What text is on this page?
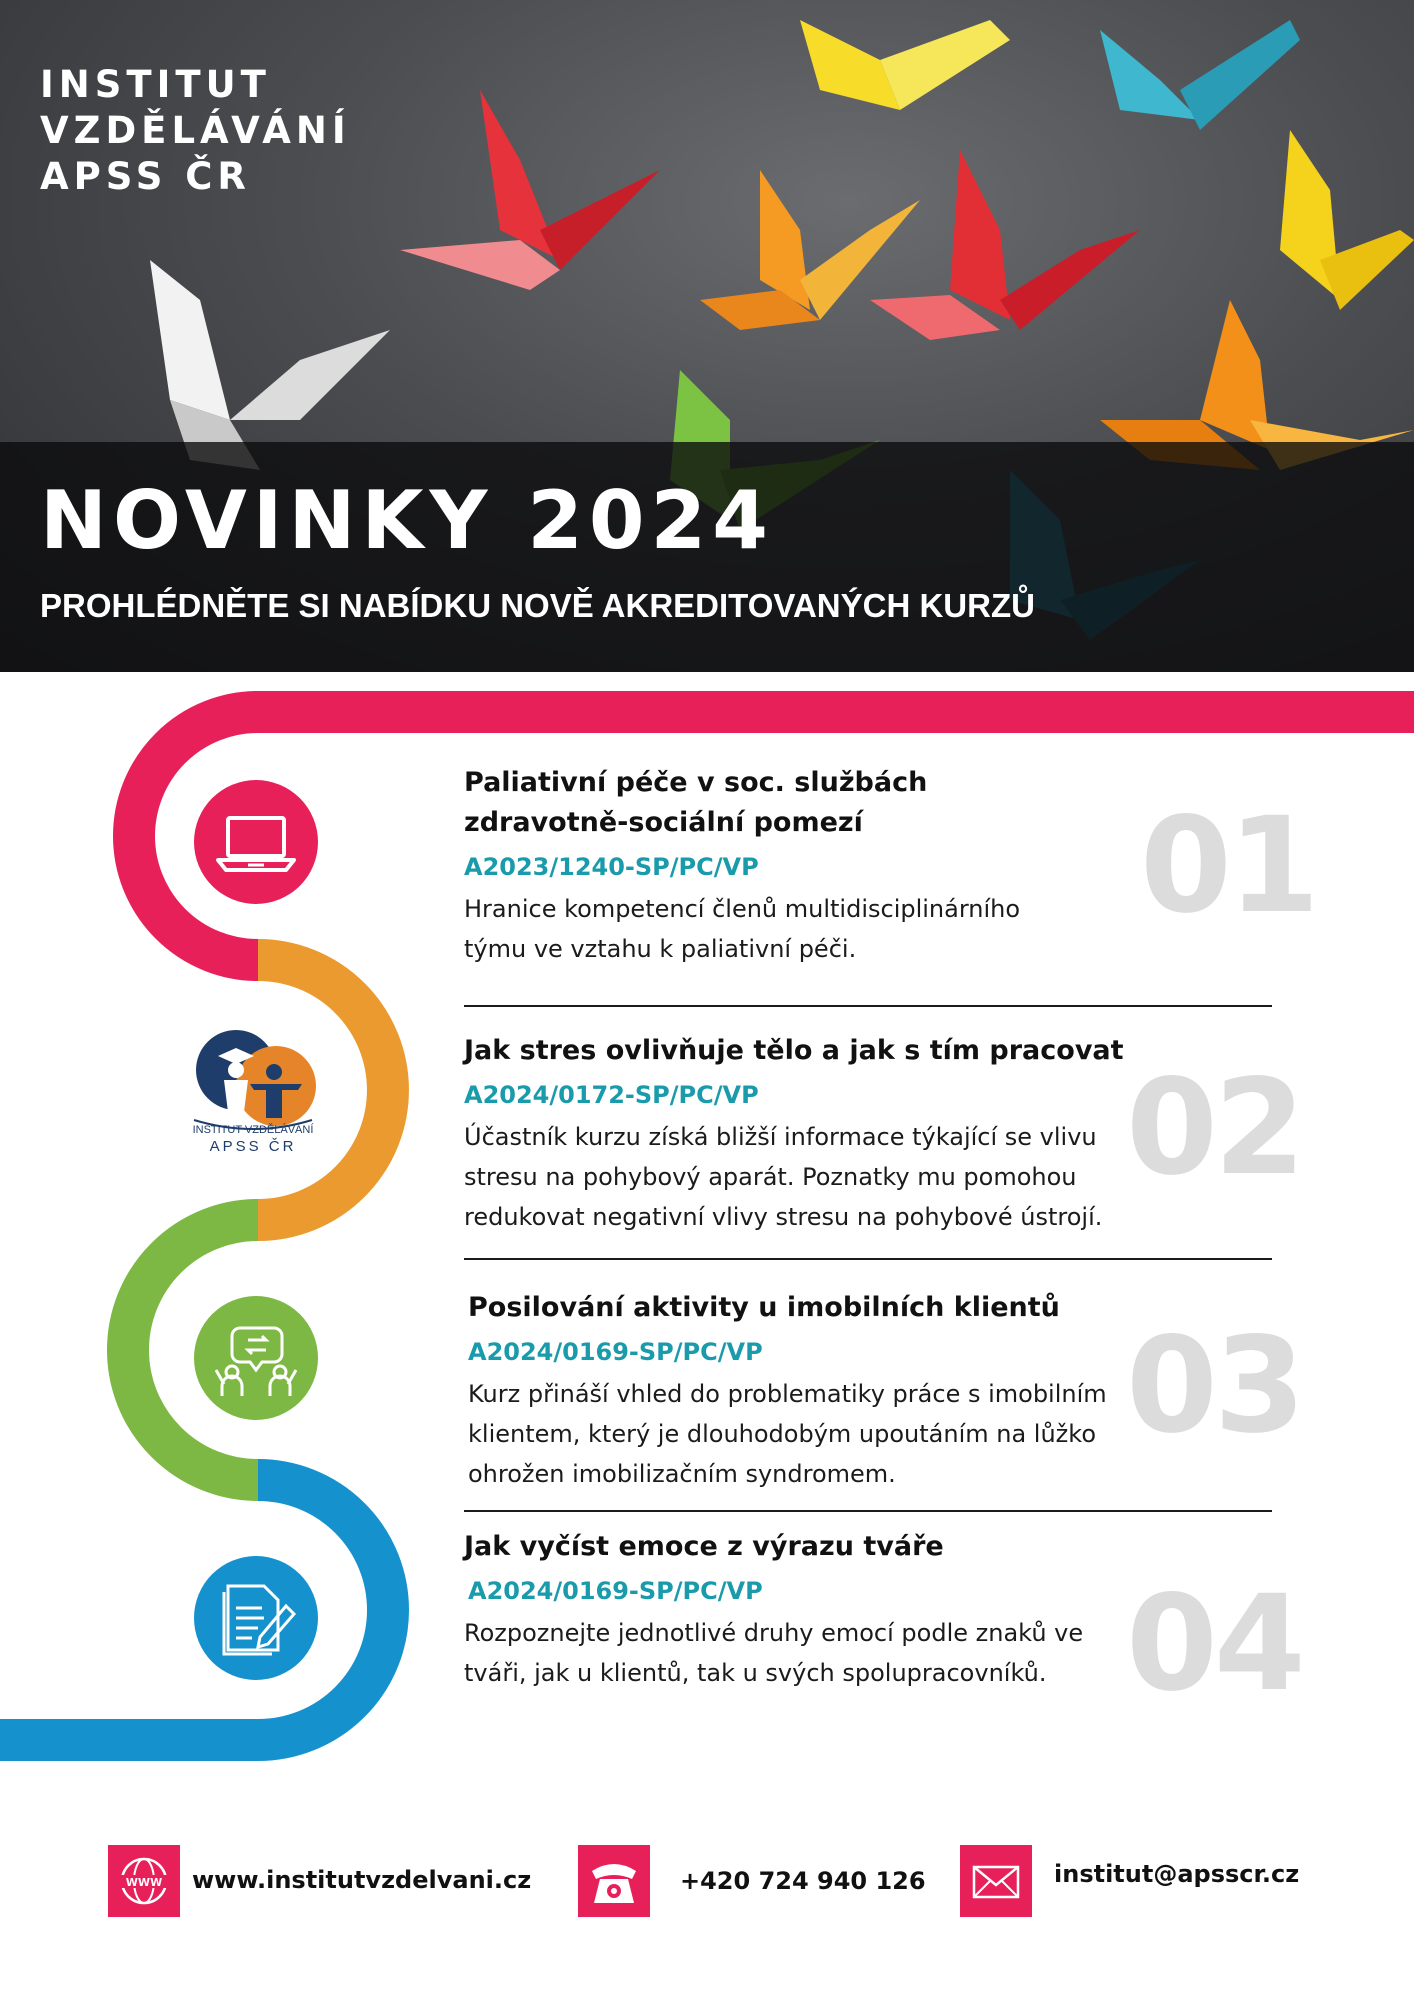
INSTITUT
VZDĚLÁVÁNÍ
APSS ČR
NOVINKY 2024
PROHLÉDNĚTE SI NABÍDKU NOVĚ AKREDITOVANÝCH KURZŮ
INSTITUT VZDĚLÁVÁNÍ
APSS ČR
Paliativní péče v soc. službách
zdravotně-sociální pomezí
A2023/1240-SP/PC/VP
Hranice kompetencí členů multidisciplinárního
týmu ve vztahu k paliativní péči.
01
Jak stres ovlivňuje tělo a jak s tím pracovat
A2024/0172-SP/PC/VP
Účastník kurzu získá bližší informace týkající se vlivu
stresu na pohybový aparát. Poznatky mu pomohou
redukovat negativní vlivy stresu na pohybové ústrojí.
02
Posilování aktivity u imobilních klientů
A2024/0169-SP/PC/VP
Kurz přináší vhled do problematiky práce s imobilním
klientem, který je dlouhodobým upoutáním na lůžko
ohrožen imobilizačním syndromem.
03
Jak vyčíst emoce z výrazu tváře
A2024/0169-SP/PC/VP
Rozpoznejte jednotlivé druhy emocí podle znaků ve
tváři, jak u klientů, tak u svých spolupracovníků. 04
WWW www.institutvzdelvani.cz	+420 724 940 126	institut@apsscr.cz
